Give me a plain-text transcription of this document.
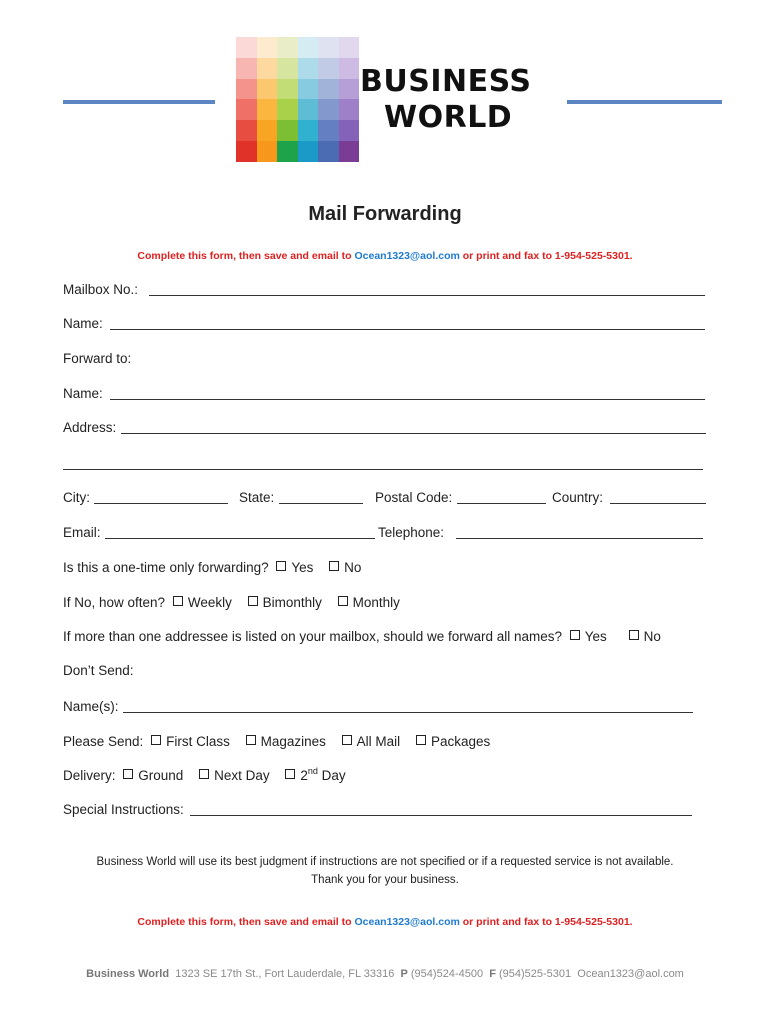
BUSINESS
WORLD
Mail Forwarding
Complete this form, then save and email to Ocean1323@aol.com or print and fax to 1-954-525-5301.
Mailbox No.:
Name:
Forward to:
Name:
Address:
City:	State:	Postal Code:	Country:
Email:	Telephone:
Is this a one-time only forwarding? Yes No
If No, how often? Weekly Bimonthly Monthly
If more than one addressee is listed on your mailbox, should we forward all names? Yes	No
Don’t Send:
Name(s):
Please Send: First Class Magazines All Mail Packages
Delivery: Ground Next Day 2nd Day
Special Instructions:
Business World will use its best judgment if instructions are not specified or if a requested service is not available.
Thank you for your business.
Complete this form, then save and email to Ocean1323@aol.com or print and fax to 1-954-525-5301.
Business World 1323 SE 17th St., Fort Lauderdale, FL 33316 P (954)524-4500 F (954)525-5301 Ocean1323@aol.com
